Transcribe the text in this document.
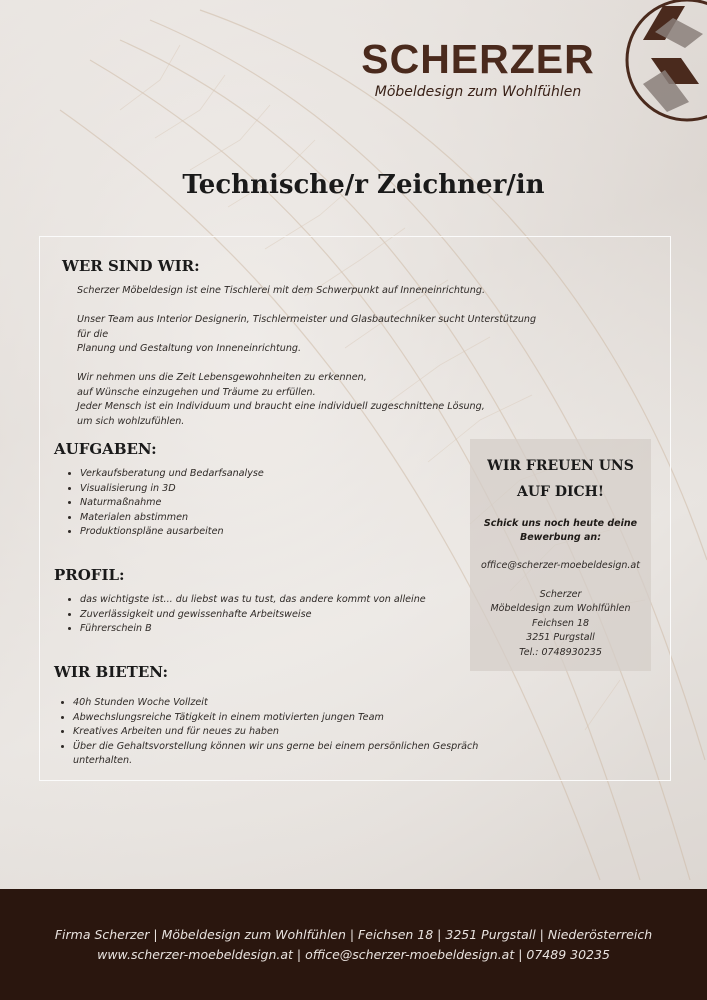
SCHERZER
Möbeldesign zum Wohlfühlen
Technische/r Zeichner/in
WER SIND WIR:
Scherzer Möbeldesign ist eine Tischlerei mit dem Schwerpunkt auf Inneneinrichtung.
Unser Team aus Interior Designerin, Tischlermeister und Glasbautechniker sucht Unterstützung für die
Planung und Gestaltung von Inneneinrichtung.
Wir nehmen uns die Zeit Lebensgewohnheiten zu erkennen,
auf Wünsche einzugehen und Träume zu erfüllen.
Jeder Mensch ist ein Individuum und braucht eine individuell zugeschnittene Lösung,
um sich wohlzufühlen.
AUFGABEN:
• Verkaufsberatung und Bedarfsanalyse
• Visualisierung in 3D
• Naturmaßnahme
• Materialen abstimmen
• Produktionspläne ausarbeiten
PROFIL:
• das wichtigste ist... du liebst was tu tust, das andere kommt von alleine
• Zuverlässigkeit und gewissenhafte Arbeitsweise
• Führerschein B
WIR BIETEN:
• 40h Stunden Woche Vollzeit
• Abwechslungsreiche Tätigkeit in einem motivierten jungen Team
• Kreatives Arbeiten und für neues zu haben
• Über die Gehaltsvorstellung können wir uns gerne bei einem persönlichen Gespräch
unterhalten.
WIR FREUEN UNS
AUF DICH!
Schick uns noch heute deine
Bewerbung an:
office@scherzer-moebeldesign.at
Scherzer
Möbeldesign zum Wohlfühlen
Feichsen 18
3251 Purgstall
Tel.: 0748930235
Firma Scherzer | Möbeldesign zum Wohlfühlen | Feichsen 18 | 3251 Purgstall | Niederösterreich
www.scherzer-moebeldesign.at | office@scherzer-moebeldesign.at | 07489 30235
